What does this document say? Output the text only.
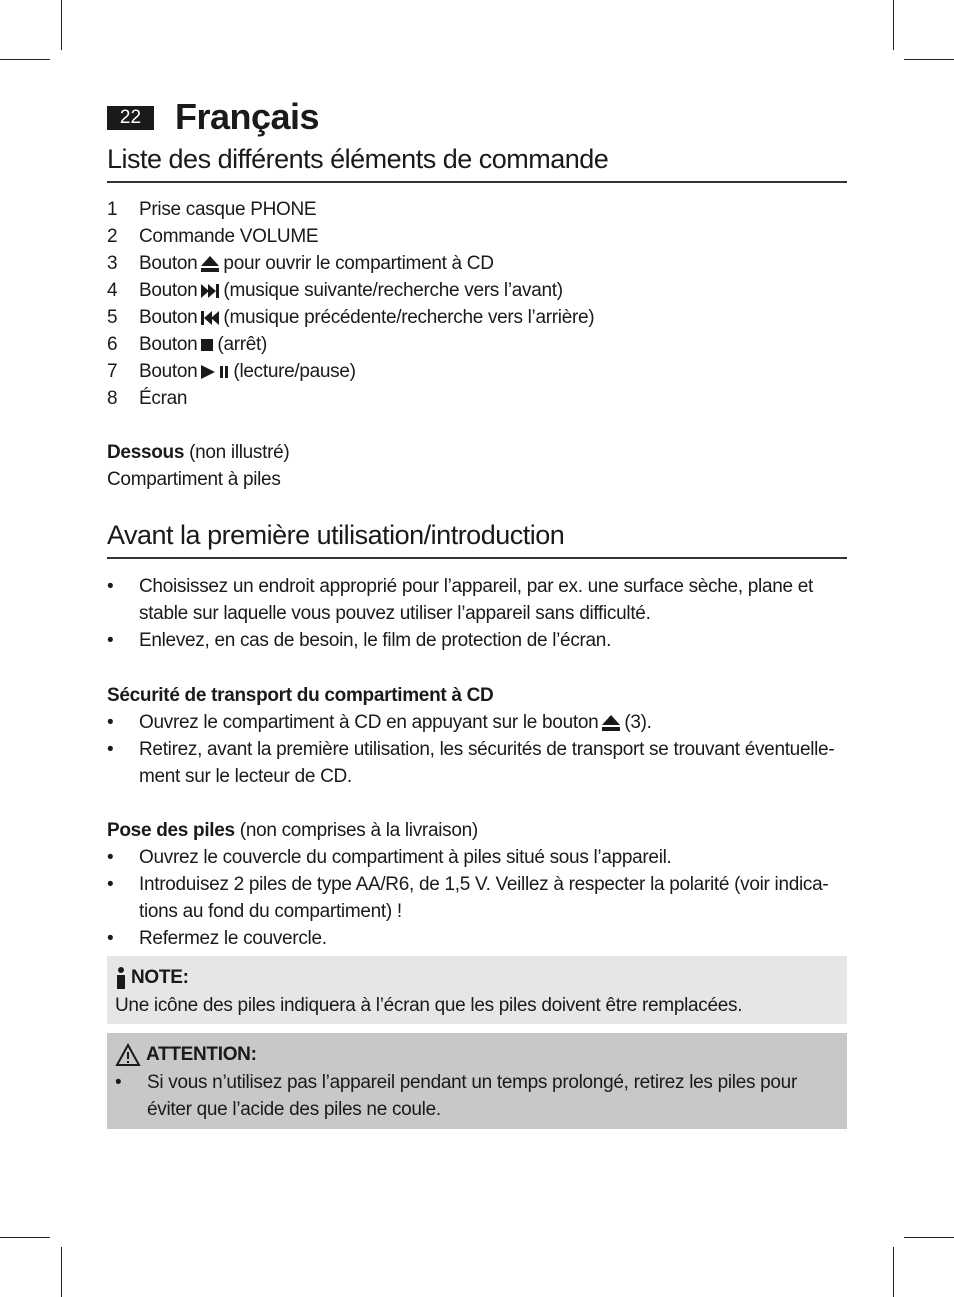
22 Français
Liste des différents éléments de commande
1	Prise casque PHONE
2	Commande VOLUME
3	Bouton pour ouvrir le compartiment à CD
4	Bouton (musique suivante/recherche vers l’avant)
5	Bouton (musique précédente/recherche vers l’arrière)
6	Bouton (arrêt)
7	Bouton (lecture/pause)
8	Écran
Dessous (non illustré)
Compartiment à piles
Avant la première utilisation/introduction
•	Choisissez un endroit approprié pour l’appareil, par ex. une surface sèche, plane et stable sur laquelle vous pouvez utiliser l’appareil sans difficulté.
•	Enlevez, en cas de besoin, le film de protection de l’écran.
Sécurité de transport du compartiment à CD
•	Ouvrez le compartiment à CD en appuyant sur le bouton (3).
•	Retirez, avant la première utilisation, les sécurités de transport se trouvant éventuelle-ment sur le lecteur de CD.
Pose des piles (non comprises à la livraison)
•	Ouvrez le couvercle du compartiment à piles situé sous l’appareil.
•	Introduisez 2 piles de type AA/R6, de 1,5 V. Veillez à respecter la polarité (voir indica-tions au fond du compartiment) !
•	Refermez le couvercle.
NOTE:
Une icône des piles indiquera à l’écran que les piles doivent être remplacées.
ATTENTION:
•	Si vous n’utilisez pas l’appareil pendant un temps prolongé, retirez les piles pour éviter que l’acide des piles ne coule.
